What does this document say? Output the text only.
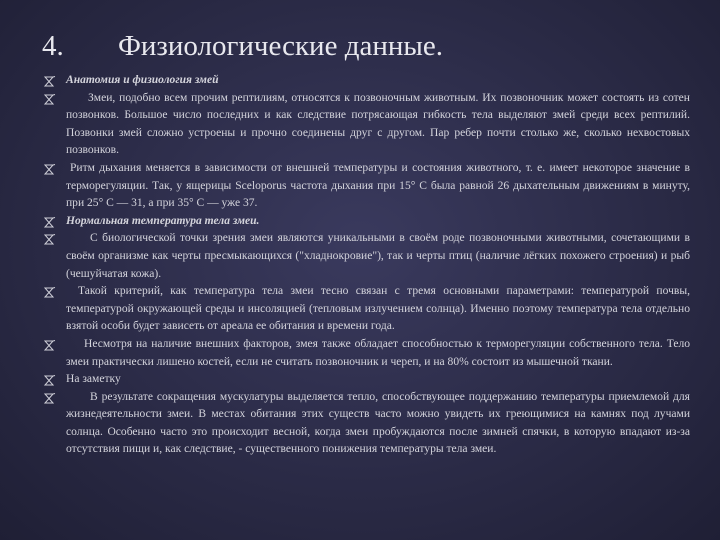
4.	Физиологические данные.
Анатомия и физиология змей
Змеи, подобно всем прочим рептилиям, относятся к позвоночным животным. Их позвоночник может состоять из сотен позвонков. Большое число последних и как следствие потрясающая гибкость тела выделяют змей среди всех рептилий. Позвонки змей сложно устроены и прочно соединены друг с другом. Пар ребер почти столько же, сколько нехвостовых позвонков.
Ритм дыхания меняется в зависимости от внешней температуры и состояния животного, т. е. имеет некоторое значение в терморегуляции. Так, у ящерицы Sceloporus частота дыхания при 15° С была равной 26 дыхательным движениям в минуту, при 25° С — 31, а при 35° С — уже 37.
Нормальная температура тела змеи.
С биологической точки зрения змеи являются уникальными в своём роде позвоночными животными, сочетающими в своём организме как черты пресмыкающихся ("хладнокровие"), так и черты птиц (наличие лёгких похожего строения) и рыб (чешуйчатая кожа).
Такой критерий, как температура тела змеи тесно связан с тремя основными параметрами: температурой почвы, температурой окружающей среды и инсоляцией (тепловым излучением солнца). Именно поэтому температура тела отдельно взятой особи будет зависеть от ареала ее обитания и времени года.
Несмотря на наличие внешних факторов, змея также обладает способностью к терморегуляции собственного тела. Тело змеи практически лишено костей, если не считать позвоночник и череп, и на 80% состоит из мышечной ткани.
На заметку
В результате сокращения мускулатуры выделяется тепло, способствующее поддержанию температуры приемлемой для жизнедеятельности змеи. В местах обитания этих существ часто можно увидеть их греющимися на камнях под лучами солнца. Особенно часто это происходит весной, когда змеи пробуждаются после зимней спячки, в которую впадают из-за отсутствия пищи и, как следствие, - существенного понижения температуры тела змеи.
